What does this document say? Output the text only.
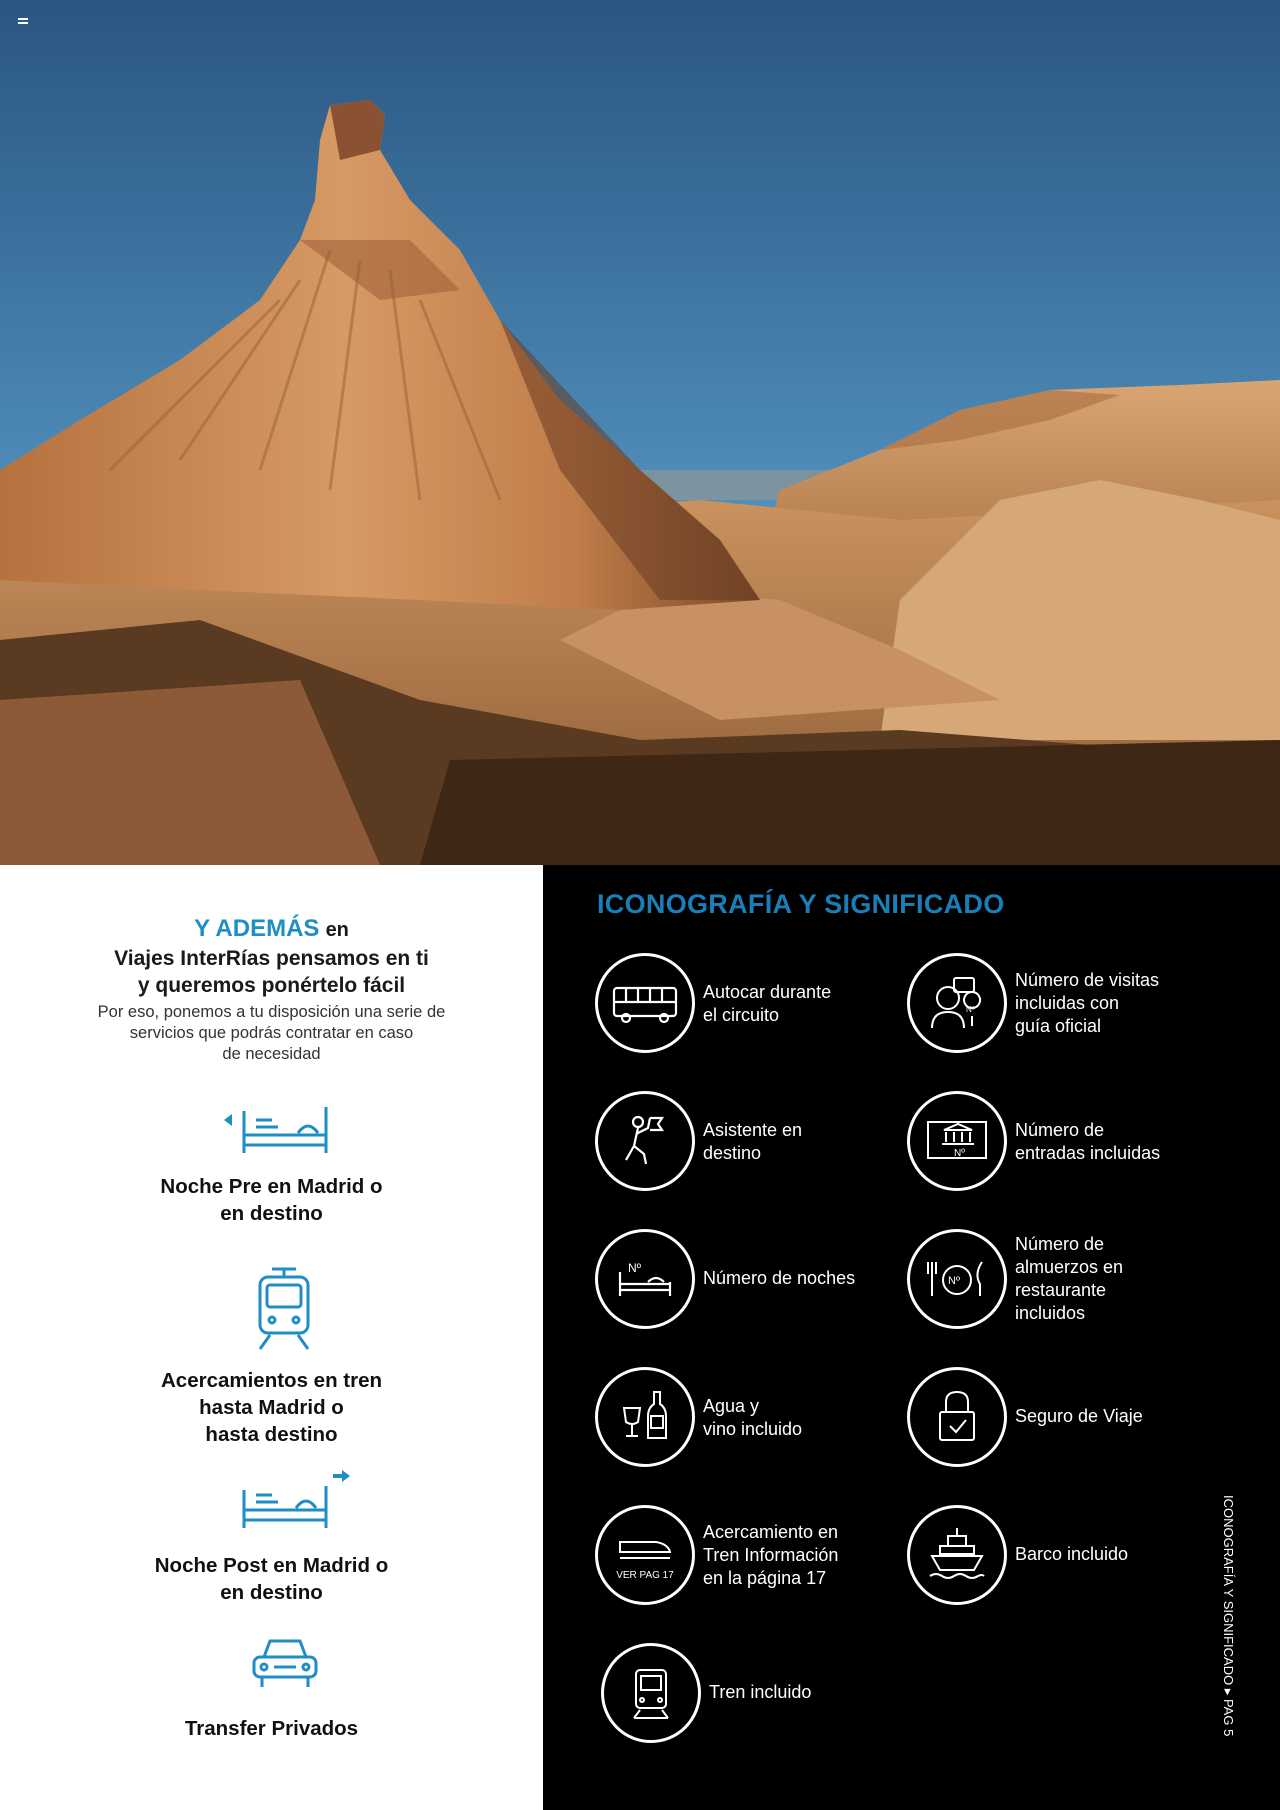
Y ADEMÁS en
Viajes InterRías pensamos en ti
y queremos ponértelo fácil
Por eso, ponemos a tu disposición una serie de
servicios que podrás contratar en caso
de necesidad
Noche Pre en Madrid o
en destino
Acercamientos en tren
hasta Madrid o
hasta destino
Noche Post en Madrid o
en destino
Transfer Privados
ICONOGRAFÍA Y SIGNIFICADO
Autocar durante
el circuito	Nº
Número de visitas
incluidas con
guía oficial
Asistente en
destino	Nº
Número de
entradas incluidas
Nº	Número de noches	Nº
Número de
almuerzos en
restaurante
incluidos
Agua y
vino incluido
Seguro de Viaje
VER PAG 17
Acercamiento en
Tren Información
en la página 17
Barco incluido
Tren incluido	ICONOGRAFÍA Y SIGNIFICADO ▸ PAG 5
